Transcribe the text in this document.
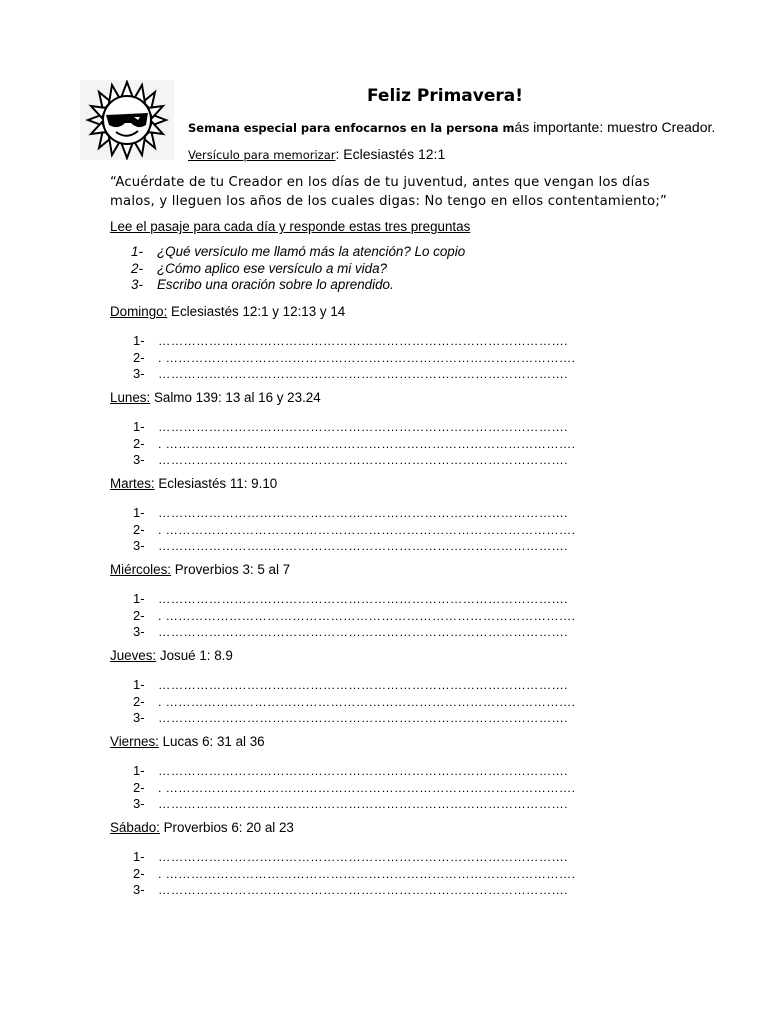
Feliz Primavera!
Semana especial para enfocarnos en la persona más importante: muestro Creador.
Versículo para memorizar: Eclesiastés 12:1
“Acuérdate de tu Creador en los días de tu juventud, antes que vengan los días
malos, y lleguen los años de los cuales digas: No tengo en ellos contentamiento;”
Lee el pasaje para cada día y responde estas tres preguntas
1- ¿Qué versículo me llamó más la atención? Lo copio
2- ¿Cómo aplico ese versículo a mi vida?
3- Escribo una oración sobre lo aprendido.
Domingo: Eclesiastés 12:1 y 12:13 y 14
1- …………………………………………………………………………………….
2- . …………………………………………………………………………………….
3- …………………………………………………………………………………….
Lunes: Salmo 139: 13 al 16 y 23.24
1- …………………………………………………………………………………….
2- . …………………………………………………………………………………….
3- …………………………………………………………………………………….
Martes: Eclesiastés 11: 9.10
1- …………………………………………………………………………………….
2- . …………………………………………………………………………………….
3- …………………………………………………………………………………….
Miércoles: Proverbios 3: 5 al 7
1- …………………………………………………………………………………….
2- . …………………………………………………………………………………….
3- …………………………………………………………………………………….
Jueves: Josué 1: 8.9
1- …………………………………………………………………………………….
2- . …………………………………………………………………………………….
3- …………………………………………………………………………………….
Viernes: Lucas 6: 31 al 36
1- …………………………………………………………………………………….
2- . …………………………………………………………………………………….
3- …………………………………………………………………………………….
Sábado: Proverbios 6: 20 al 23
1- …………………………………………………………………………………….
2- . …………………………………………………………………………………….
3- …………………………………………………………………………………….
